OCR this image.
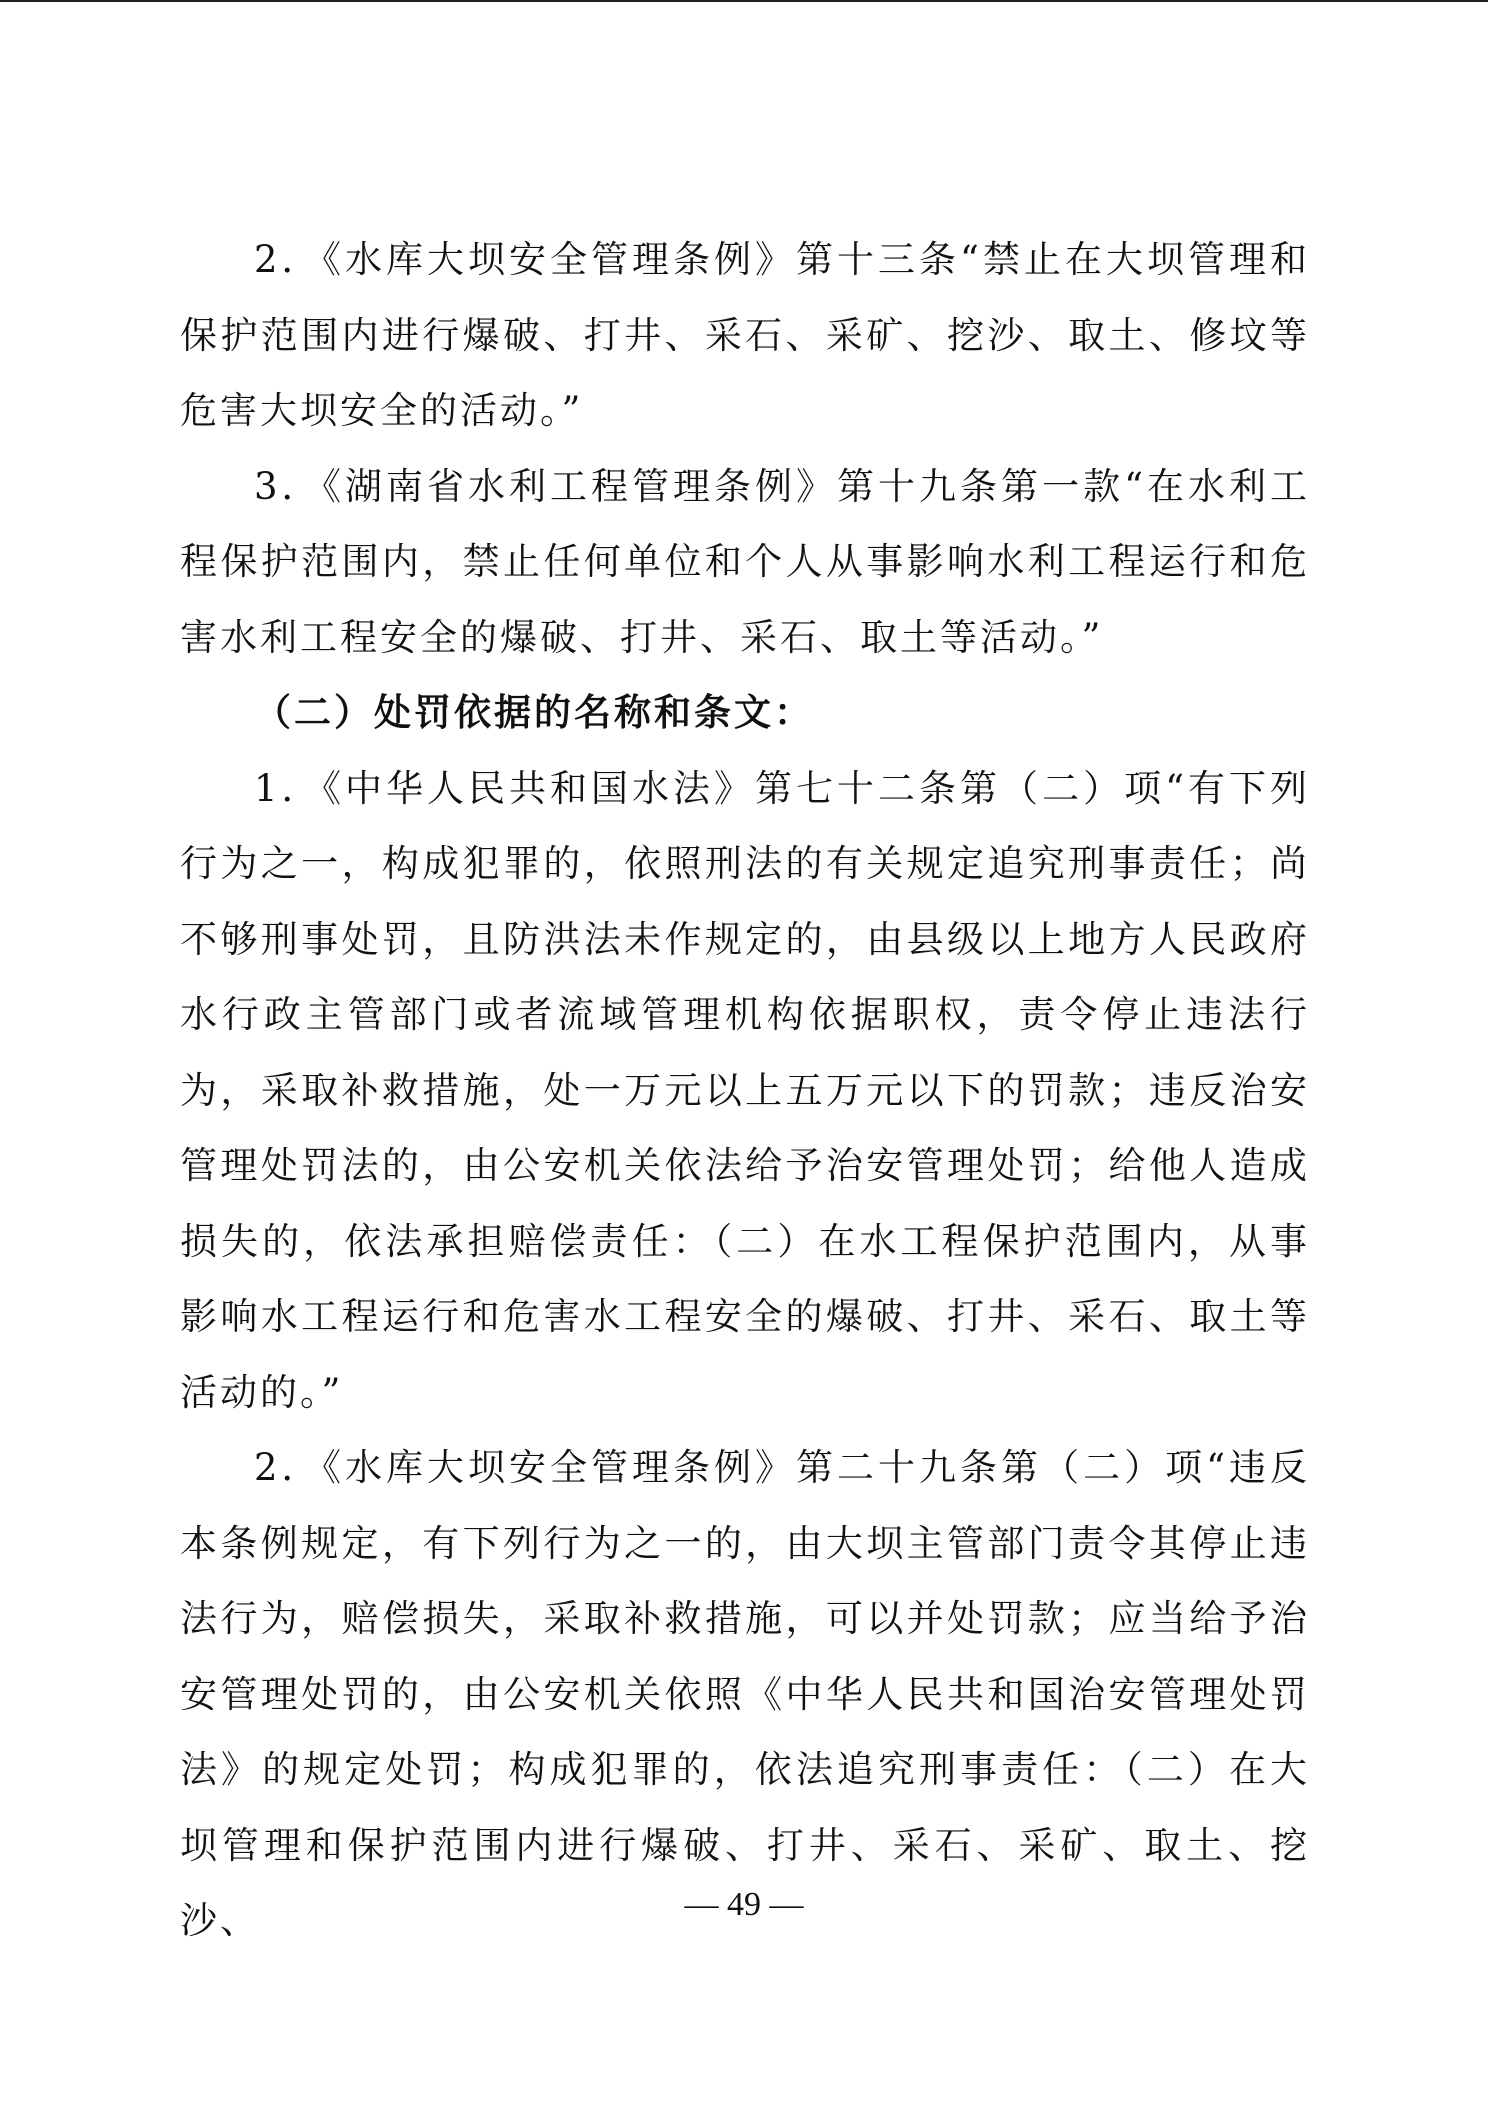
2．《水库大坝安全管理条例》第十三条“禁止在大坝管理和保护范围内进行爆破、打井、采石、采矿、挖沙、取土、修坟等危害大坝安全的活动。”

3．《湖南省水利工程管理条例》第十九条第一款“在水利工程保护范围内，禁止任何单位和个人从事影响水利工程运行和危害水利工程安全的爆破、打井、采石、取土等活动。”

（二）处罚依据的名称和条文：

1．《中华人民共和国水法》第七十二条第（二）项“有下列行为之一，构成犯罪的，依照刑法的有关规定追究刑事责任；尚不够刑事处罚，且防洪法未作规定的，由县级以上地方人民政府水行政主管部门或者流域管理机构依据职权，责令停止违法行为，采取补救措施，处一万元以上五万元以下的罚款；违反治安管理处罚法的，由公安机关依法给予治安管理处罚；给他人造成损失的，依法承担赔偿责任：（二）在水工程保护范围内，从事影响水工程运行和危害水工程安全的爆破、打井、采石、取土等活动的。”

2．《水库大坝安全管理条例》第二十九条第（二）项“违反本条例规定，有下列行为之一的，由大坝主管部门责令其停止违法行为，赔偿损失，采取补救措施，可以并处罚款；应当给予治安管理处罚的，由公安机关依照《中华人民共和国治安管理处罚法》的规定处罚；构成犯罪的，依法追究刑事责任：（二）在大坝管理和保护范围内进行爆破、打井、采石、采矿、取土、挖沙、	— 49 —
